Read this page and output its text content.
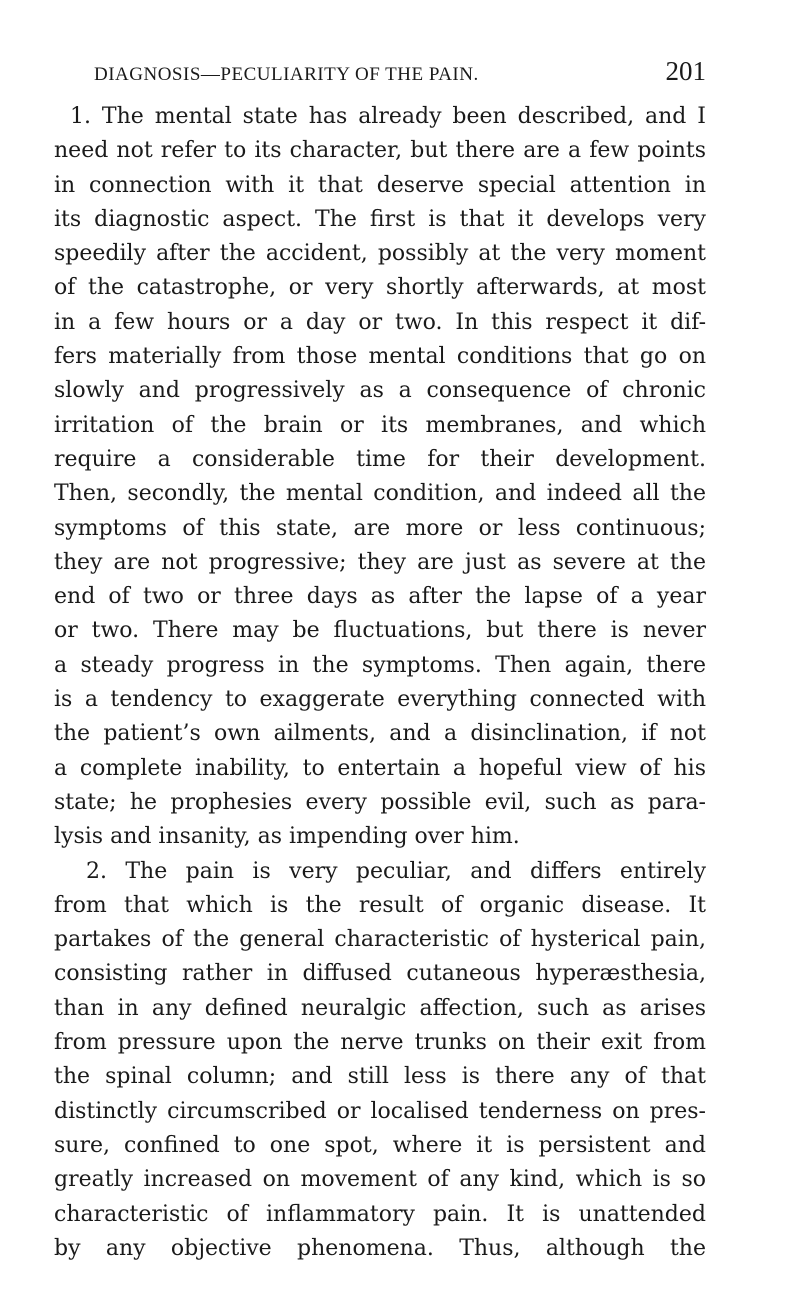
DIAGNOSIS—PECULIARITY OF THE PAIN.	201
1. The mental state has already been described, and I
need not refer to its character, but there are a few points
in connection with it that deserve special attention in
its diagnostic aspect. The first is that it develops very
speedily after the accident, possibly at the very moment
of the catastrophe, or very shortly afterwards, at most
in a few hours or a day or two. In this respect it dif-
fers materially from those mental conditions that go on
slowly and progressively as a consequence of chronic
irritation of the brain or its membranes, and which
require a considerable time for their development.
Then, secondly, the mental condition, and indeed all the
symptoms of this state, are more or less continuous;
they are not progressive; they are just as severe at the
end of two or three days as after the lapse of a year
or two. There may be fluctuations, but there is never
a steady progress in the symptoms. Then again, there
is a tendency to exaggerate everything connected with
the patient’s own ailments, and a disinclination, if not
a complete inability, to entertain a hopeful view of his
state; he prophesies every possible evil, such as para-
lysis and insanity, as impending over him.
2. The pain is very peculiar, and differs entirely
from that which is the result of organic disease. It
partakes of the general characteristic of hysterical pain,
consisting rather in diffused cutaneous hyperæsthesia,
than in any defined neuralgic affection, such as arises
from pressure upon the nerve trunks on their exit from
the spinal column; and still less is there any of that
distinctly circumscribed or localised tenderness on pres-
sure, confined to one spot, where it is persistent and
greatly increased on movement of any kind, which is so
characteristic of inflammatory pain. It is unattended
by any objective phenomena. Thus, although the
